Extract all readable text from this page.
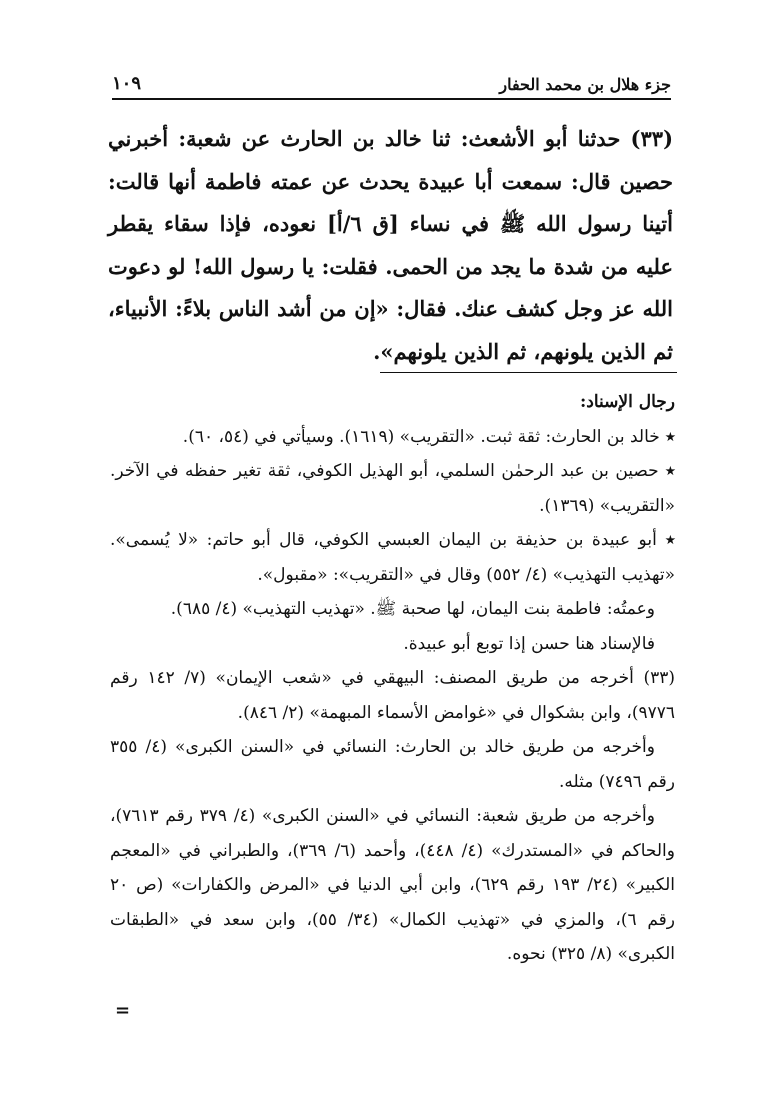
جزء هلال بن محمد الحفار
١٠٩

(٣٣) حدثنا أبو الأشعث: ثنا خالد بن الحارث عن شعبة: أخبرني حصين قال: سمعت أبا عبيدة يحدث عن عمته فاطمة أنها قالت: أتينا رسول الله ﷺ في نساء [ق ٦/أ] نعوده، فإذا سقاء يقطر عليه من شدة ما يجد من الحمى. فقلت: يا رسول الله! لو دعوت الله عز وجل كشف عنك. فقال: «إن من أشد الناس بلاءً: الأنبياء، ثم الذين يلونهم، ثم الذين يلونهم».

رجال الإسناد:

٭ خالد بن الحارث: ثقة ثبت. «التقريب» (١٦١٩). وسيأتي في (٥٤، ٦٠).

٭ حصين بن عبد الرحمٰن السلمي، أبو الهذيل الكوفي، ثقة تغير حفظه في الآخر. «التقريب» (١٣٦٩).

٭ أبو عبيدة بن حذيفة بن اليمان العبسي الكوفي، قال أبو حاتم: «لا يُسمى». «تهذيب التهذيب» (٤/ ٥٥٢) وقال في «التقريب»: «مقبول».

وعمتُه: فاطمة بنت اليمان، لها صحبة ﷺ. «تهذيب التهذيب» (٤/ ٦٨٥).

فالإسناد هنا حسن إذا توبع أبو عبيدة.

(٣٣) أخرجه من طريق المصنف: البيهقي في «شعب الإيمان» (٧/ ١٤٢ رقم ٩٧٧٦)، وابن بشكوال في «غوامض الأسماء المبهمة» (٢/ ٨٤٦).

وأخرجه من طريق خالد بن الحارث: النسائي في «السنن الكبرى» (٤/ ٣٥٥ رقم ٧٤٩٦) مثله.

وأخرجه من طريق شعبة: النسائي في «السنن الكبرى» (٤/ ٣٧٩ رقم ٧٦١٣)، والحاكم في «المستدرك» (٤/ ٤٤٨)، وأحمد (٦/ ٣٦٩)، والطبراني في «المعجم الكبير» (٢٤/ ١٩٣ رقم ٦٢٩)، وابن أبي الدنيا في «المرض والكفارات» (ص ٢٠ رقم ٦)، والمزي في «تهذيب الكمال» (٣٤/ ٥٥)، وابن سعد في «الطبقات الكبرى» (٨/ ٣٢٥) نحوه.

=
